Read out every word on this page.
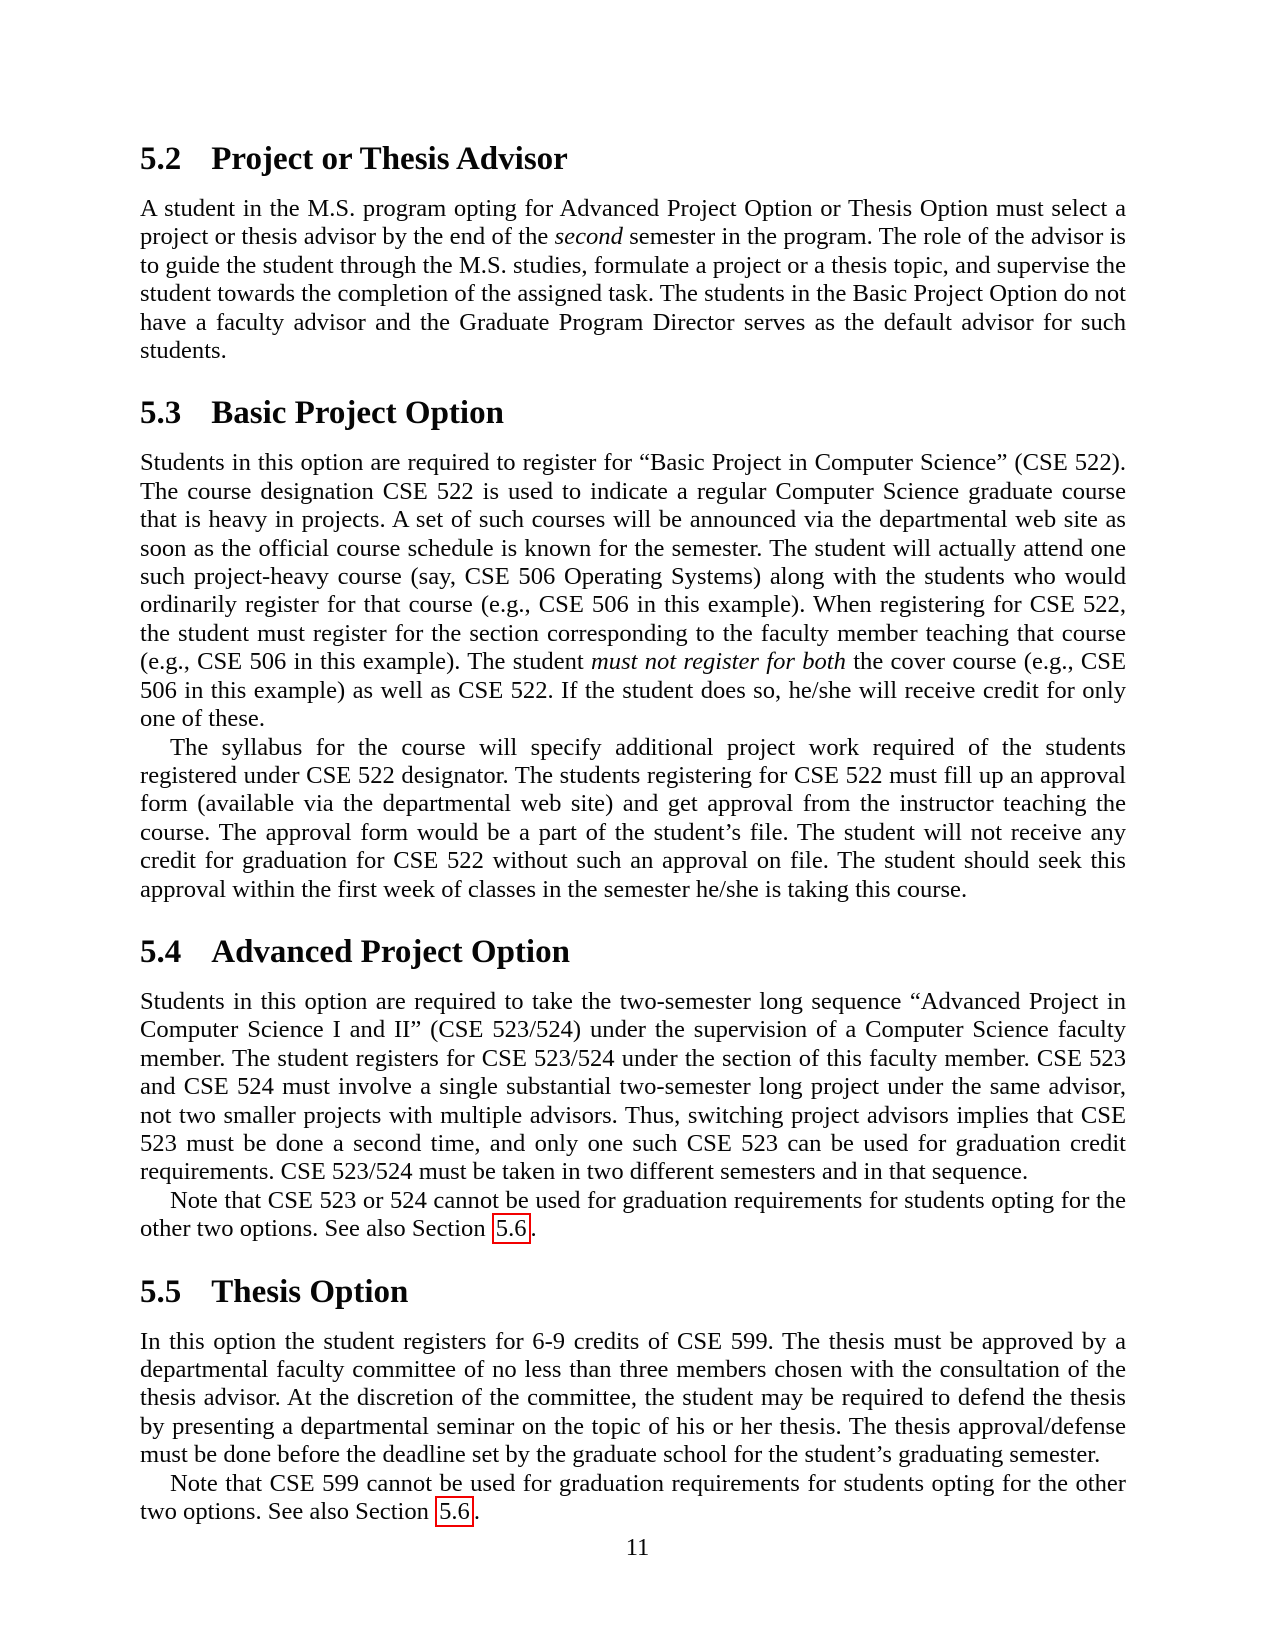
5.2 Project or Thesis Advisor

A student in the M.S. program opting for Advanced Project Option or Thesis Option must select a project or thesis advisor by the end of the second semester in the program. The role of the advisor is to guide the student through the M.S. studies, formulate a project or a thesis topic, and supervise the student towards the completion of the assigned task. The students in the Basic Project Option do not have a faculty advisor and the Graduate Program Director serves as the default advisor for such students.

5.3 Basic Project Option

Students in this option are required to register for “Basic Project in Computer Science” (CSE 522). The course designation CSE 522 is used to indicate a regular Computer Science graduate course that is heavy in projects. A set of such courses will be announced via the departmental web site as soon as the official course schedule is known for the semester. The student will actually attend one such project-heavy course (say, CSE 506 Operating Systems) along with the students who would ordinarily register for that course (e.g., CSE 506 in this example). When registering for CSE 522, the student must register for the section corresponding to the faculty member teaching that course (e.g., CSE 506 in this example). The student must not register for both the cover course (e.g., CSE 506 in this example) as well as CSE 522. If the student does so, he/she will receive credit for only one of these.

The syllabus for the course will specify additional project work required of the students registered under CSE 522 designator. The students registering for CSE 522 must fill up an approval form (available via the departmental web site) and get approval from the instructor teaching the course. The approval form would be a part of the student’s file. The student will not receive any credit for graduation for CSE 522 without such an approval on file. The student should seek this approval within the first week of classes in the semester he/she is taking this course.

5.4 Advanced Project Option

Students in this option are required to take the two-semester long sequence “Advanced Project in Computer Science I and II” (CSE 523/524) under the supervision of a Computer Science faculty member. The student registers for CSE 523/524 under the section of this faculty member. CSE 523 and CSE 524 must involve a single substantial two-semester long project under the same advisor, not two smaller projects with multiple advisors. Thus, switching project advisors implies that CSE 523 must be done a second time, and only one such CSE 523 can be used for graduation credit requirements. CSE 523/524 must be taken in two different semesters and in that sequence.

Note that CSE 523 or 524 cannot be used for graduation requirements for students opting for the other two options. See also Section 5.6 .

5.5 Thesis Option

In this option the student registers for 6-9 credits of CSE 599. The thesis must be approved by a departmental faculty committee of no less than three members chosen with the consultation of the thesis advisor. At the discretion of the committee, the student may be required to defend the thesis by presenting a departmental seminar on the topic of his or her thesis. The thesis approval/defense must be done before the deadline set by the graduate school for the student’s graduating semester.

Note that CSE 599 cannot be used for graduation requirements for students opting for the other two options. See also Section 5.6 .

11
